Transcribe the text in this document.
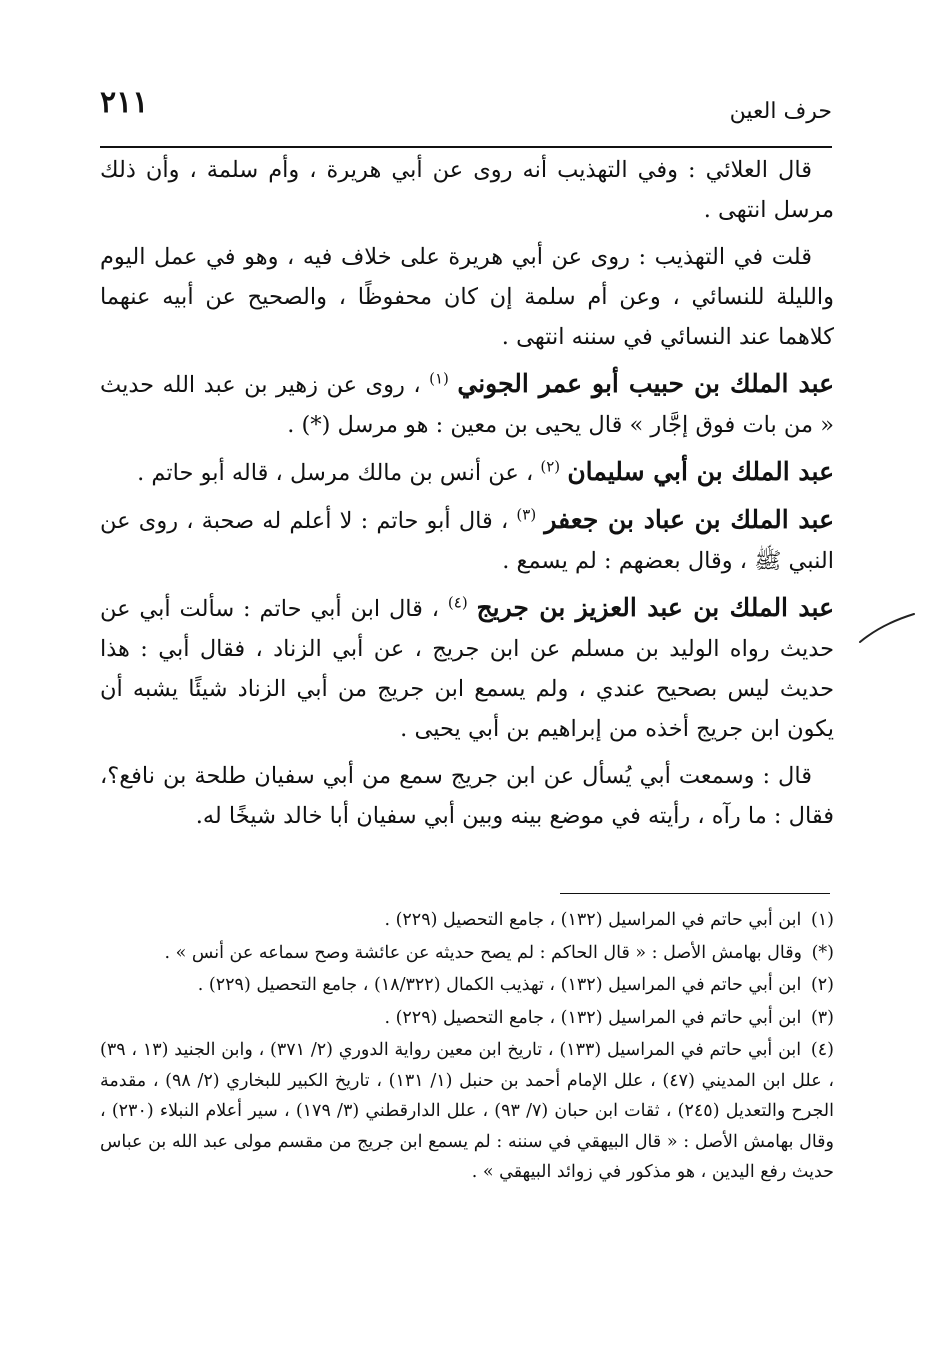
٢١١	حرف العين

قال العلائي : وفي التهذيب أنه روى عن أبي هريرة ، وأم سلمة ، وأن ذلك مرسل انتهى .

قلت في التهذيب : روى عن أبي هريرة على خلاف فيه ، وهو في عمل اليوم والليلة للنسائي ، وعن أم سلمة إن كان محفوظًا ، والصحيح عن أبيه عنهما كلاهما عند النسائي في سننه انتهى .

عبد الملك بن حبيب أبو عمر الجوني $^{(١)}$ ، روى عن زهير بن عبد الله حديث « من بات فوق إجَّار » قال يحيى بن معين : هو مرسل (*) .

عبد الملك بن أبي سليمان $^{(٢)}$ ، عن أنس بن مالك مرسل ، قاله أبو حاتم .

عبد الملك بن عباد بن جعفر $^{(٣)}$ ، قال أبو حاتم : لا أعلم له صحبة ، روى عن النبي ﷺ ، وقال بعضهم : لم يسمع .

عبد الملك بن عبد العزيز بن جريج $^{(٤)}$ ، قال ابن أبي حاتم : سألت أبي عن حديث رواه الوليد بن مسلم عن ابن جريج ، عن أبي الزناد ، فقال أبي : هذا حديث ليس بصحيح عندي ، ولم يسمع ابن جريج من أبي الزناد شيئًا يشبه أن يكون ابن جريج أخذه من إبراهيم بن أبي يحيى .

قال : وسمعت أبي يُسأل عن ابن جريج سمع من أبي سفيان طلحة بن نافع؟، فقال : ما رآه ، رأيته في موضع بينه وبين أبي سفيان أبا خالد شيخًا له.

(١) ابن أبي حاتم في المراسيل (١٣٢) ، جامع التحصيل (٢٢٩) .

(*) وقال بهامش الأصل : « قال الحاكم : لم يصح حديثه عن عائشة وصح سماعه عن أنس » .

(٢) ابن أبي حاتم في المراسيل (١٣٢) ، تهذيب الكمال (١٨/٣٢٢) ، جامع التحصيل (٢٢٩) .

(٣) ابن أبي حاتم في المراسيل (١٣٢) ، جامع التحصيل (٢٢٩) .

(٤) ابن أبي حاتم في المراسيل (١٣٣) ، تاريخ ابن معين رواية الدوري (٢/ ٣٧١) ، وابن الجنيد (١٣ ، ٣٩) ، علل ابن المديني (٤٧) ، علل الإمام أحمد بن حنبل (١/ ١٣١) ، تاريخ الكبير للبخاري (٢/ ٩٨) ، مقدمة الجرح والتعديل (٢٤٥) ، ثقات ابن حبان (٧/ ٩٣) ، علل الدارقطني (٣/ ١٧٩) ، سير أعلام النبلاء (٢٣٠) ، وقال بهامش الأصل : « قال البيهقي في سننه : لم يسمع ابن جريج من مقسم مولى عبد الله بن عباس حديث رفع اليدين ، هو مذكور في زوائد البيهقي » .
